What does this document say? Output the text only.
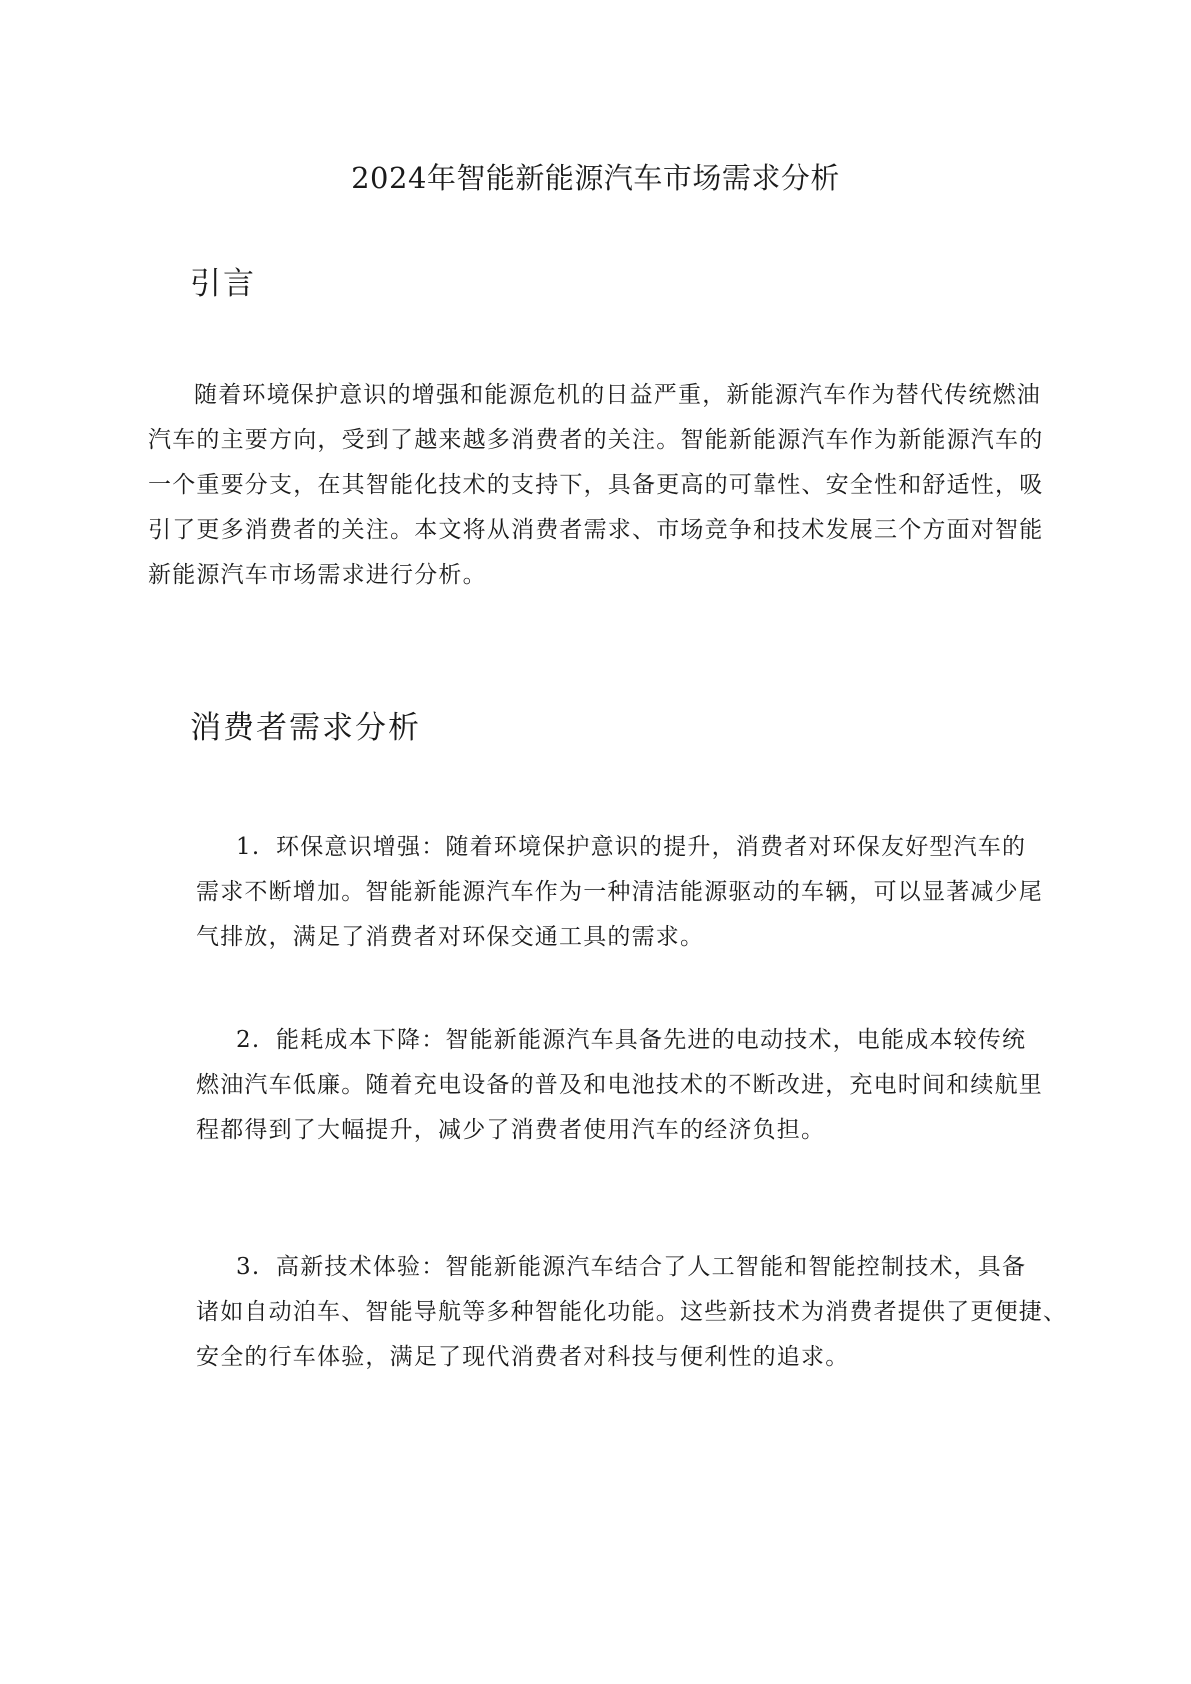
2024年智能新能源汽车市场需求分析
引言

随着环境保护意识的增强和能源危机的日益严重，新能源汽车作为替代传统燃油汽车的主要方向，受到了越来越多消费者的关注。智能新能源汽车作为新能源汽车的一个重要分支，在其智能化技术的支持下，具备更高的可靠性、安全性和舒适性，吸引了更多消费者的关注。本文将从消费者需求、市场竞争和技术发展三个方面对智能新能源汽车市场需求进行分析。

消费者需求分析
1. 环保意识增强：随着环境保护意识的提升，消费者对环保友好型汽车的
需求不断增加。智能新能源汽车作为一种清洁能源驱动的车辆，可以显著减少尾
气排放，满足了消费者对环保交通工具的需求。
2. 能耗成本下降：智能新能源汽车具备先进的电动技术，电能成本较传统
燃油汽车低廉。随着充电设备的普及和电池技术的不断改进，充电时间和续航里
程都得到了大幅提升，减少了消费者使用汽车的经济负担。
3. 高新技术体验：智能新能源汽车结合了人工智能和智能控制技术，具备
诸如自动泊车、智能导航等多种智能化功能。这些新技术为消费者提供了更便捷、
安全的行车体验，满足了现代消费者对科技与便利性的追求。
